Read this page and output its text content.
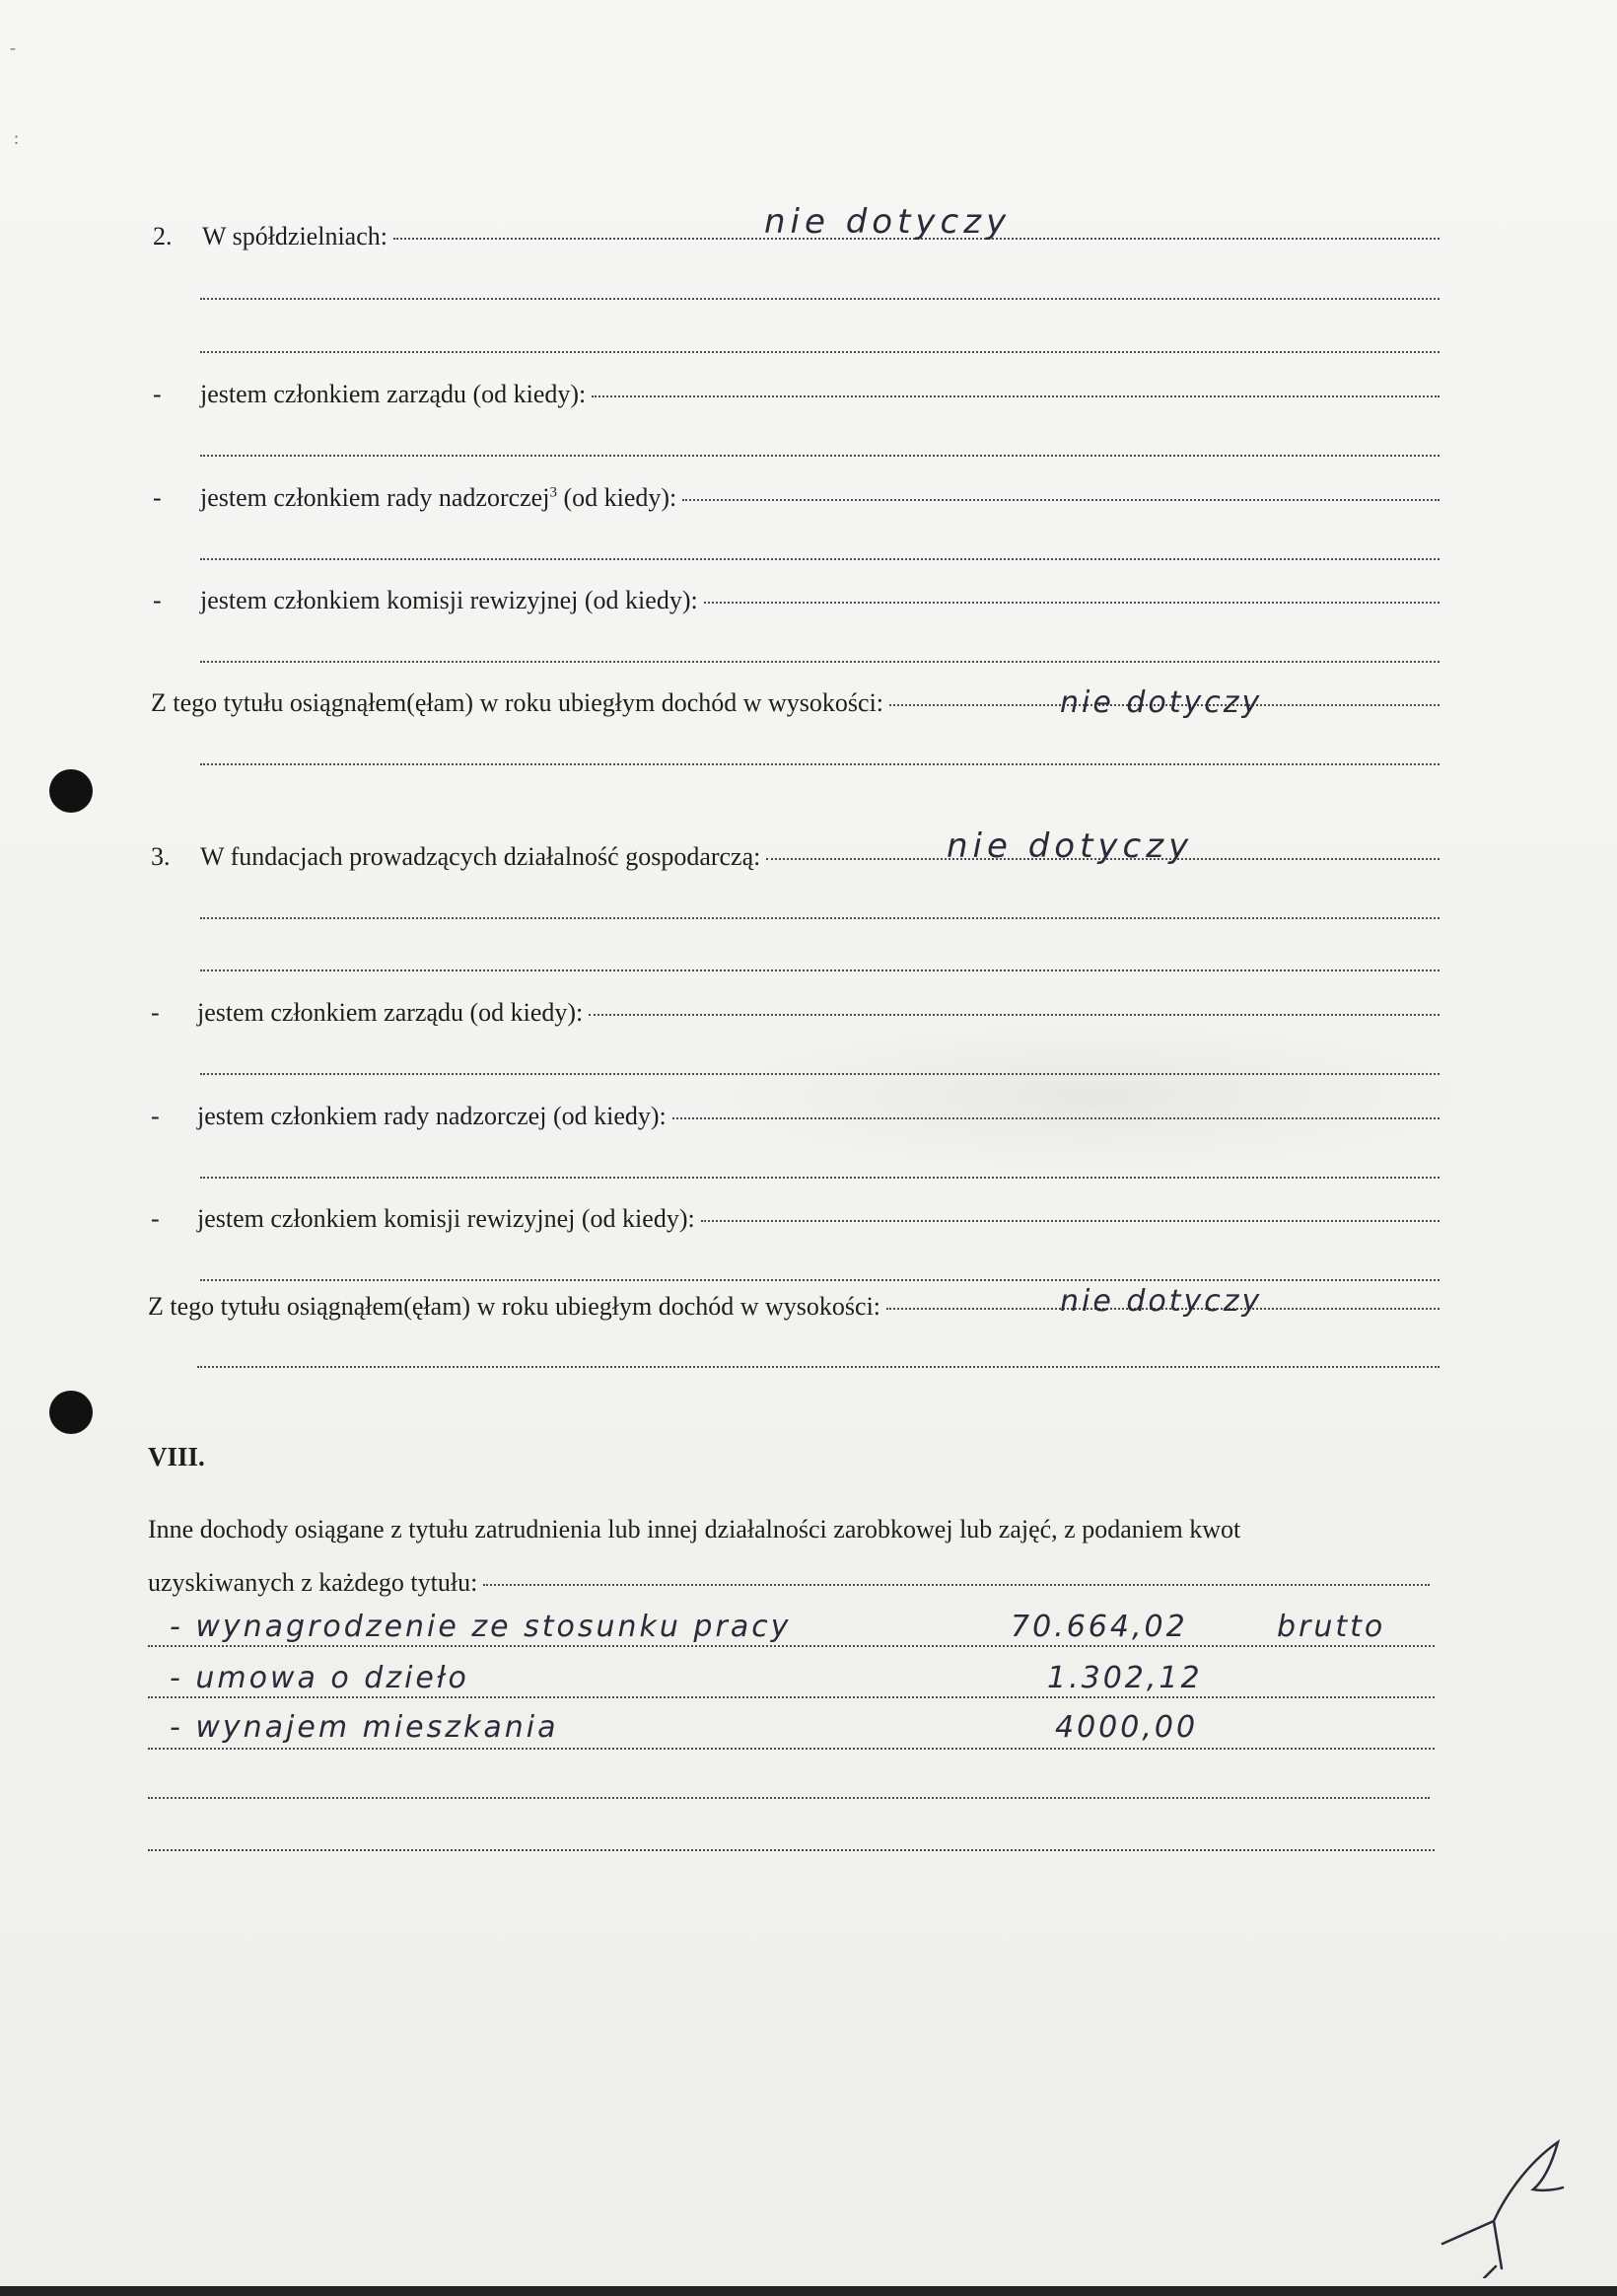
-
:
2.	W spółdzielniach:	nie dotyczy
- jestem członkiem zarządu (od kiedy):
- jestem członkiem rady nadzorczej$^3$ (od kiedy):
- jestem członkiem komisji rewizyjnej (od kiedy):
Z tego tytułu osiągnąłem(ęłam) w roku ubiegłym dochód w wysokości:	nie dotyczy
3.	W fundacjach prowadzących działalność gospodarczą:	nie dotyczy
- jestem członkiem zarządu (od kiedy):
- jestem członkiem rady nadzorczej (od kiedy):
- jestem członkiem komisji rewizyjnej (od kiedy):
Z tego tytułu osiągnąłem(ęłam) w roku ubiegłym dochód w wysokości:	nie dotyczy
VIII.
Inne dochody osiągane z tytułu zatrudnienia lub innej działalności zarobkowej lub zajęć, z podaniem kwot
uzyskiwanych z każdego tytułu:
- wynagrodzenie ze stosunku pracy	70.664,02	brutto
- umowa o dzieło	1.302,12
- wynajem mieszkania	4000,00
